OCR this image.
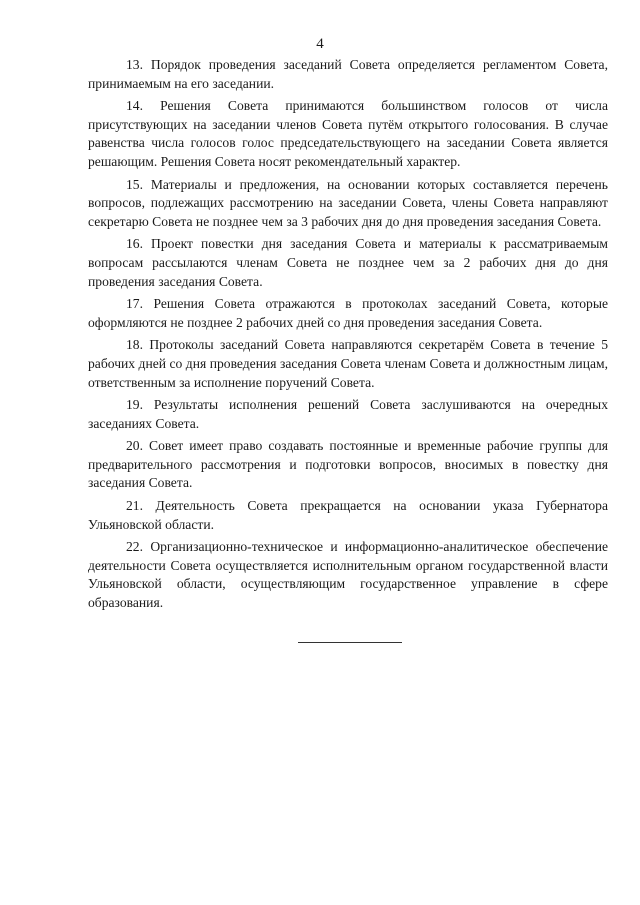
4

13. Порядок проведения заседаний Совета определяется регламентом Совета, принимаемым на его заседании.

14. Решения Совета принимаются большинством голосов от числа присутствующих на заседании членов Совета путём открытого голосования. В случае равенства числа голосов голос председательствующего на заседании Совета является решающим. Решения Совета носят рекомендательный характер.

15. Материалы и предложения, на основании которых составляется перечень вопросов, подлежащих рассмотрению на заседании Совета, члены Совета направляют секретарю Совета не позднее чем за 3 рабочих дня до дня проведения заседания Совета.

16. Проект повестки дня заседания Совета и материалы к рассматриваемым вопросам рассылаются членам Совета не позднее чем за 2 рабочих дня до дня проведения заседания Совета.

17. Решения Совета отражаются в протоколах заседаний Совета, которые оформляются не позднее 2 рабочих дней со дня проведения заседания Совета.

18. Протоколы заседаний Совета направляются секретарём Совета в течение 5 рабочих дней со дня проведения заседания Совета членам Совета и должностным лицам, ответственным за исполнение поручений Совета.

19. Результаты исполнения решений Совета заслушиваются на очередных заседаниях Совета.

20. Совет имеет право создавать постоянные и временные рабочие группы для предварительного рассмотрения и подготовки вопросов, вносимых в повестку дня заседания Совета.

21. Деятельность Совета прекращается на основании указа Губернатора Ульяновской области.

22. Организационно-техническое и информационно-аналитическое обеспечение деятельности Совета осуществляется исполнительным органом государственной власти Ульяновской области, осуществляющим государственное управление в сфере образования.
